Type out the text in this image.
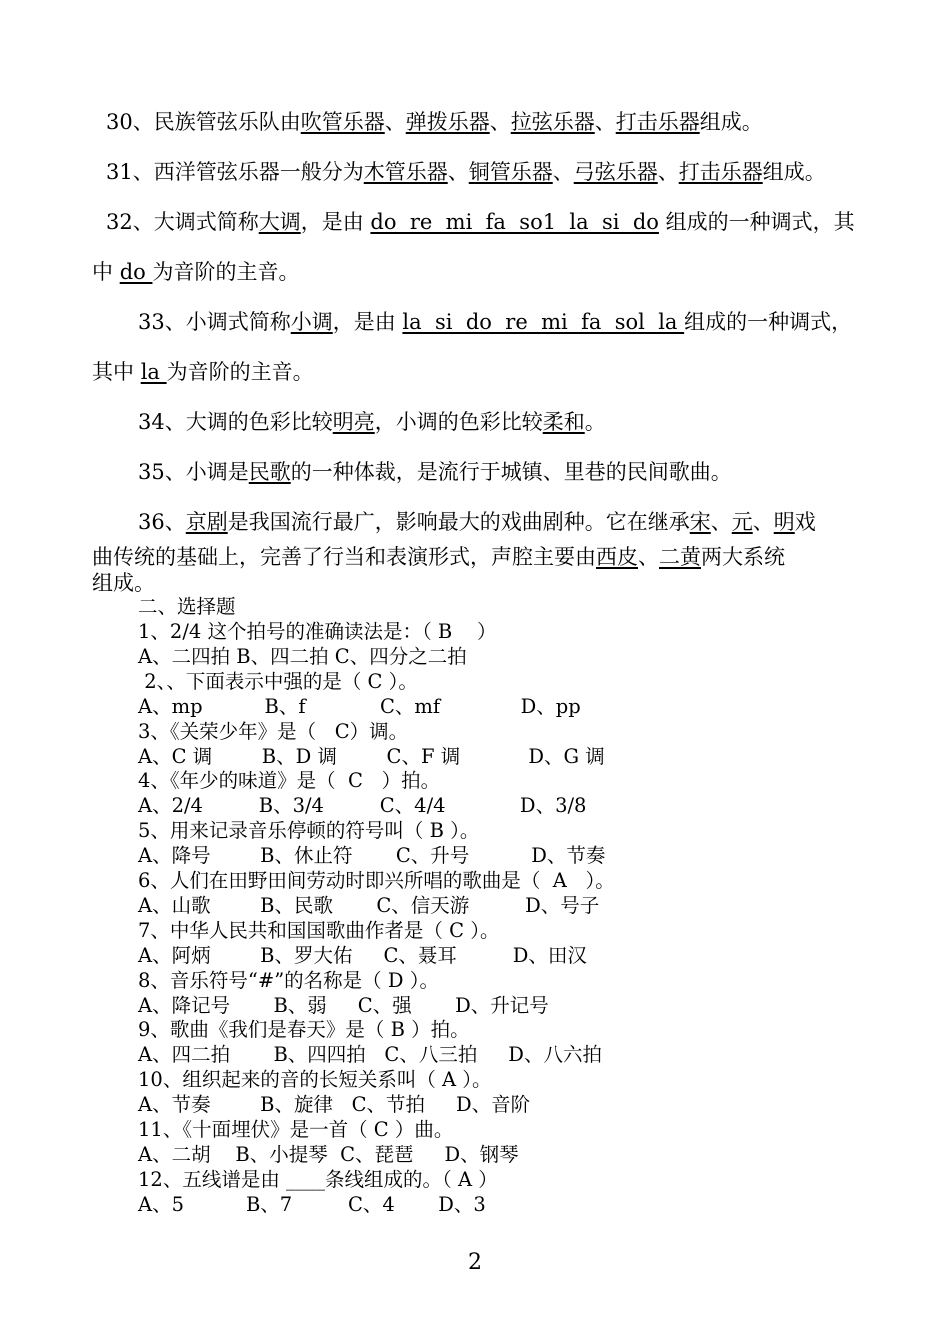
30、民族管弦乐队由吹管乐器、弹拨乐器、拉弦乐器、打击乐器组成。
31、西洋管弦乐器一般分为木管乐器、铜管乐器、弓弦乐器、打击乐器组成。
32、大调式简称大调，是由 do  re  mi  fa  so1  la  si  do 组成的一种调式，其
中 do 为音阶的主音。
33、小调式简称小调，是由 la  si  do  re  mi  fa  sol  la 组成的一种调式，
其中 la 为音阶的主音。
34、大调的色彩比较明亮，小调的色彩比较柔和。
35、小调是民歌的一种体裁，是流行于城镇、里巷的民间歌曲。
36、京剧是我国流行最广，影响最大的戏曲剧种。它在继承宋、元、明戏
曲传统的基础上，完善了行当和表演形式，声腔主要由西皮、二黄两大系统
组成。
二、选择题
1、2/4 这个拍号的准确读法是：（ B    ）
A、二四拍 B、四二拍 C、四分之二拍
2、、下面表示中强的是（ C ）。
A、mp          B、f            C、mf             D、pp
3、《关荣少年》是（   C）调。
A、C 调        B、D 调        C、F 调           D、G 调
4、《年少的味道》是（  C   ）拍。
A、2/4         B、3/4         C、4/4            D、3/8
5、用来记录音乐停顿的符号叫（ B ）。
A、降号        B、休止符       C、升号          D、节奏
6、人们在田野田间劳动时即兴所唱的歌曲是（  A   ）。
A、山歌        B、民歌       C、信天游         D、号子
7、中华人民共和国国歌曲作者是（ C ）。
A、阿炳        B、罗大佑     C、聂耳         D、田汉
8、音乐符号“#”的名称是（ D ）。
A、降记号       B、弱     C、强       D、升记号
9、歌曲《我们是春天》是（ B ）拍。
A、四二拍       B、四四拍   C、八三拍     D、八六拍
10、组织起来的音的长短关系叫（ A ）。
A、节奏        B、旋律   C、节拍     D、音阶
11、《十面埋伏》是一首（ C ）曲。
A、二胡    B、小提琴  C、琵琶     D、钢琴
12、五线谱是由 ____条线组成的。（ A ）
A、5          B、7         C、4       D、3
2
